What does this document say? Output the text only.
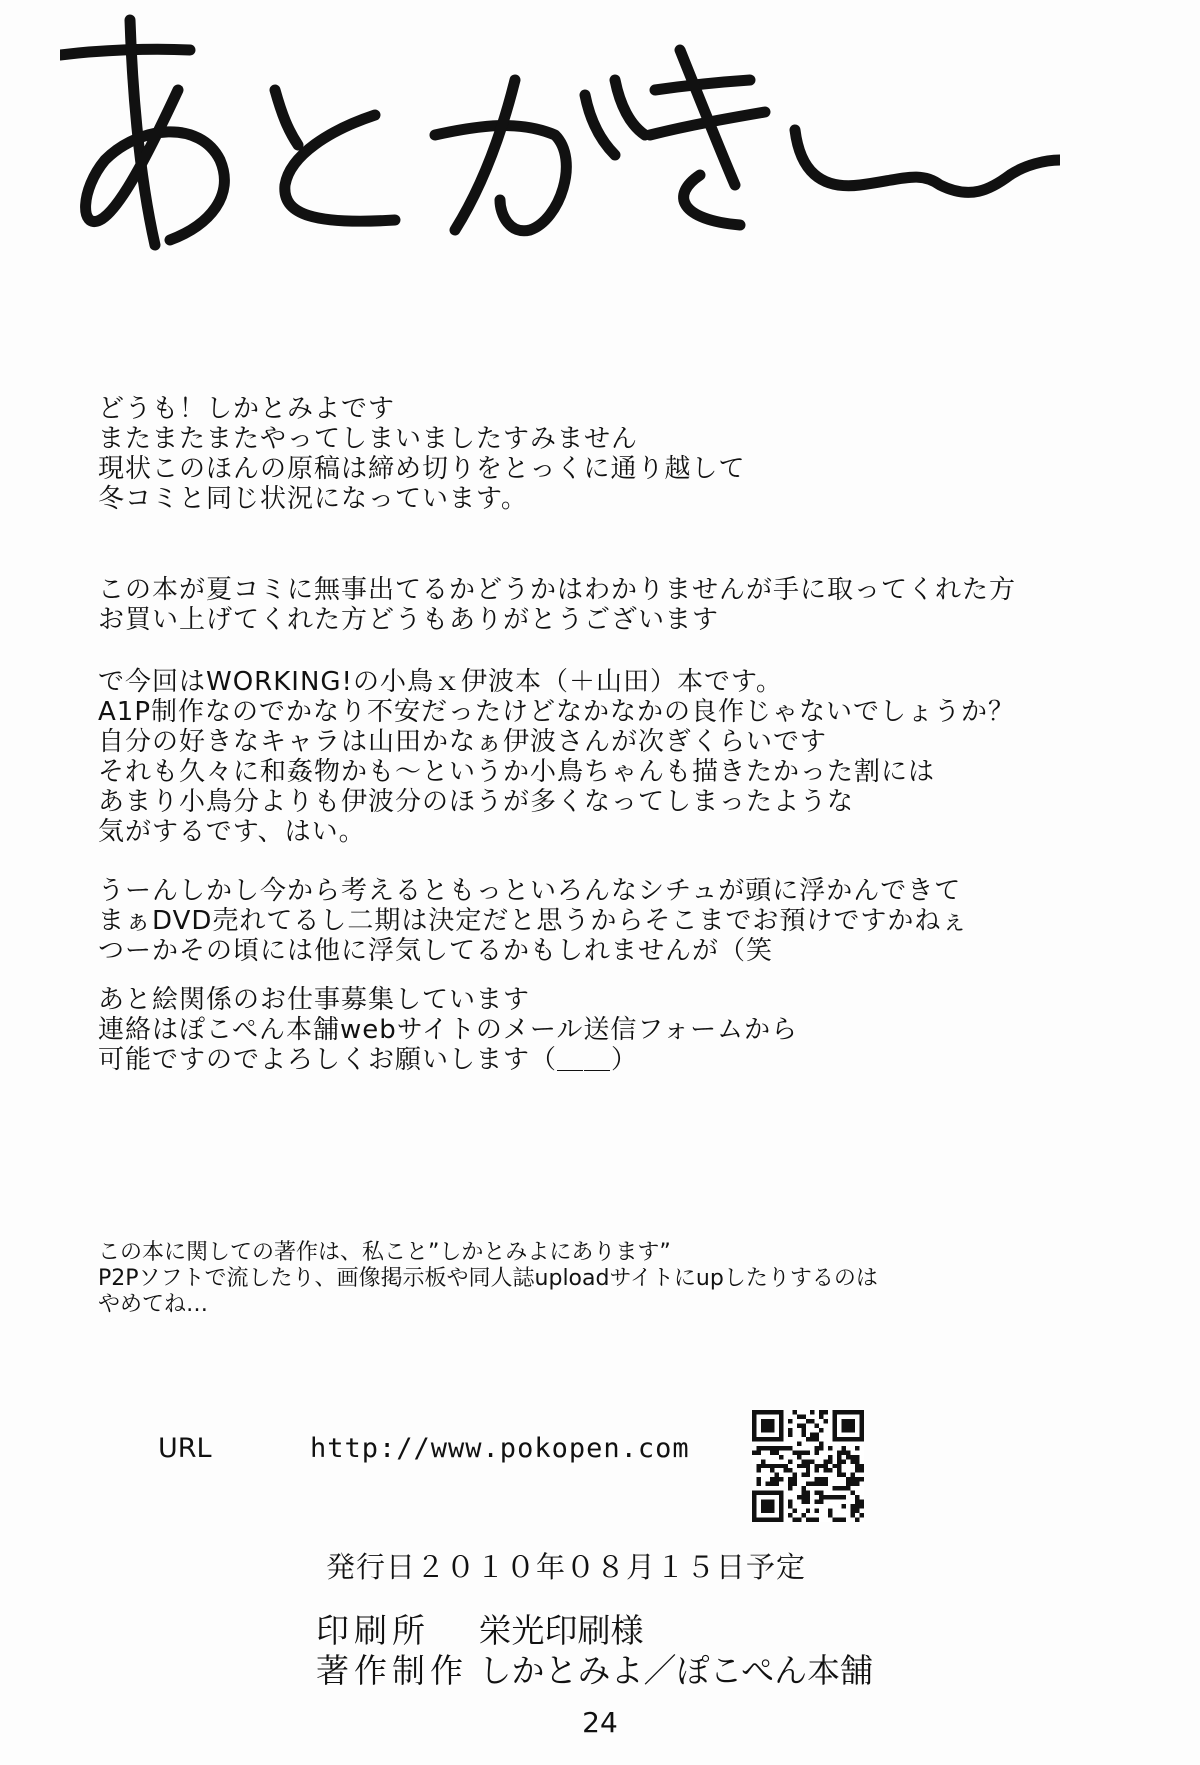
どうも！しかとみよです
またまたまたやってしまいましたすみません
現状このほんの原稿は締め切りをとっくに通り越して
冬コミと同じ状況になっています。
この本が夏コミに無事出てるかどうかはわかりませんが手に取ってくれた方
お買い上げてくれた方どうもありがとうございます
で今回はWORKING!の小鳥ｘ伊波本（＋山田）本です。
A1P制作なのでかなり不安だったけどなかなかの良作じゃないでしょうか？
自分の好きなキャラは山田かなぁ伊波さんが次ぎくらいです
それも久々に和姦物かも〜というか小鳥ちゃんも描きたかった割には
あまり小鳥分よりも伊波分のほうが多くなってしまったような
気がするです、はい。
うーんしかし今から考えるともっといろんなシチュが頭に浮かんできて
まぁDVD売れてるし二期は決定だと思うからそこまでお預けですかねぇ
つーかその頃には他に浮気してるかもしれませんが（笑
あと絵関係のお仕事募集しています
連絡はぽこぺん本舗webサイトのメール送信フォームから
可能ですのでよろしくお願いします（＿＿）
この本に関しての著作は、私こと”しかとみよにあります”
P2Pソフトで流したり、画像掲示板や同人誌uploadサイトにupしたりするのは
やめてね…
URL	http://www.pokopen.com
発行日２０１０年０８月１５日予定
印刷所 栄光印刷様
著作制作 しかとみよ／ぽこぺん本舗
24
